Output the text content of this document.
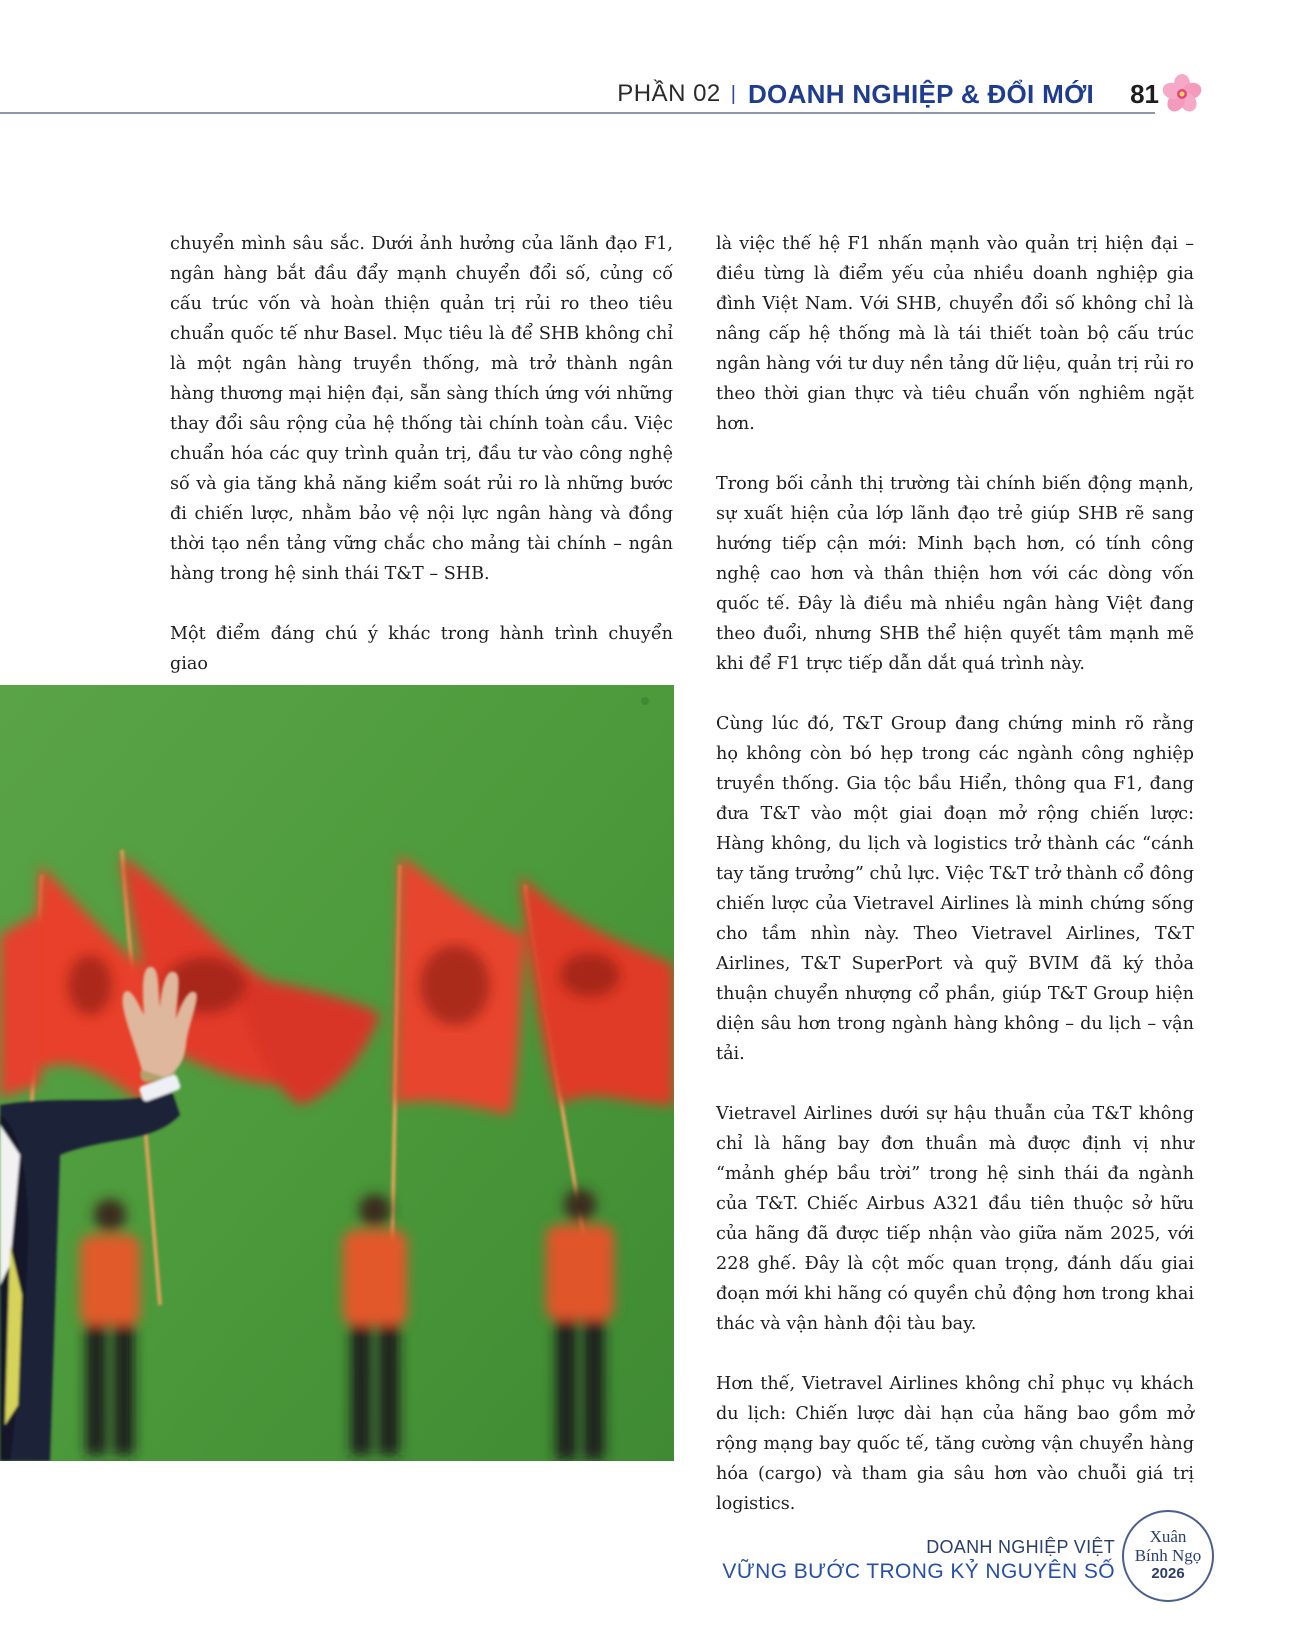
PHẦN 02 | DOANH NGHIỆP & ĐỔI MỚI 81

chuyển mình sâu sắc. Dưới ảnh hưởng của lãnh đạo F1, ngân hàng bắt đầu đẩy mạnh chuyển đổi số, củng cố cấu trúc vốn và hoàn thiện quản trị rủi ro theo tiêu chuẩn quốc tế như Basel. Mục tiêu là để SHB không chỉ là một ngân hàng truyền thống, mà trở thành ngân hàng thương mại hiện đại, sẵn sàng thích ứng với những thay đổi sâu rộng của hệ thống tài chính toàn cầu. Việc chuẩn hóa các quy trình quản trị, đầu tư vào công nghệ số và gia tăng khả năng kiểm soát rủi ro là những bước đi chiến lược, nhằm bảo vệ nội lực ngân hàng và đồng thời tạo nền tảng vững chắc cho mảng tài chính – ngân hàng trong hệ sinh thái T&T – SHB.

Một điểm đáng chú ý khác trong hành trình chuyển giao

là việc thế hệ F1 nhấn mạnh vào quản trị hiện đại – điều từng là điểm yếu của nhiều doanh nghiệp gia đình Việt Nam. Với SHB, chuyển đổi số không chỉ là nâng cấp hệ thống mà là tái thiết toàn bộ cấu trúc ngân hàng với tư duy nền tảng dữ liệu, quản trị rủi ro theo thời gian thực và tiêu chuẩn vốn nghiêm ngặt hơn.

Trong bối cảnh thị trường tài chính biến động mạnh, sự xuất hiện của lớp lãnh đạo trẻ giúp SHB rẽ sang hướng tiếp cận mới: Minh bạch hơn, có tính công nghệ cao hơn và thân thiện hơn với các dòng vốn quốc tế. Đây là điều mà nhiều ngân hàng Việt đang theo đuổi, nhưng SHB thể hiện quyết tâm mạnh mẽ khi để F1 trực tiếp dẫn dắt quá trình này.

Cùng lúc đó, T&T Group đang chứng minh rõ rằng họ không còn bó hẹp trong các ngành công nghiệp truyền thống. Gia tộc bầu Hiển, thông qua F1, đang đưa T&T vào một giai đoạn mở rộng chiến lược: Hàng không, du lịch và logistics trở thành các “cánh tay tăng trưởng” chủ lực. Việc T&T trở thành cổ đông chiến lược của Vietravel Airlines là minh chứng sống cho tầm nhìn này. Theo Vietravel Airlines, T&T Airlines, T&T SuperPort và quỹ BVIM đã ký thỏa thuận chuyển nhượng cổ phần, giúp T&T Group hiện diện sâu hơn trong ngành hàng không – du lịch – vận tải.

Vietravel Airlines dưới sự hậu thuẫn của T&T không chỉ là hãng bay đơn thuần mà được định vị như “mảnh ghép bầu trời” trong hệ sinh thái đa ngành của T&T. Chiếc Airbus A321 đầu tiên thuộc sở hữu của hãng đã được tiếp nhận vào giữa năm 2025, với 228 ghế. Đây là cột mốc quan trọng, đánh dấu giai đoạn mới khi hãng có quyền chủ động hơn trong khai thác và vận hành đội tàu bay.

Hơn thế, Vietravel Airlines không chỉ phục vụ khách du lịch: Chiến lược dài hạn của hãng bao gồm mở rộng mạng bay quốc tế, tăng cường vận chuyển hàng hóa (cargo) và tham gia sâu hơn vào chuỗi giá trị logistics.

DOANH NGHIỆP VIỆT
VỮNG BƯỚC TRONG KỶ NGUYÊN SỐ
Xuân
Bính Ngọ
2026
